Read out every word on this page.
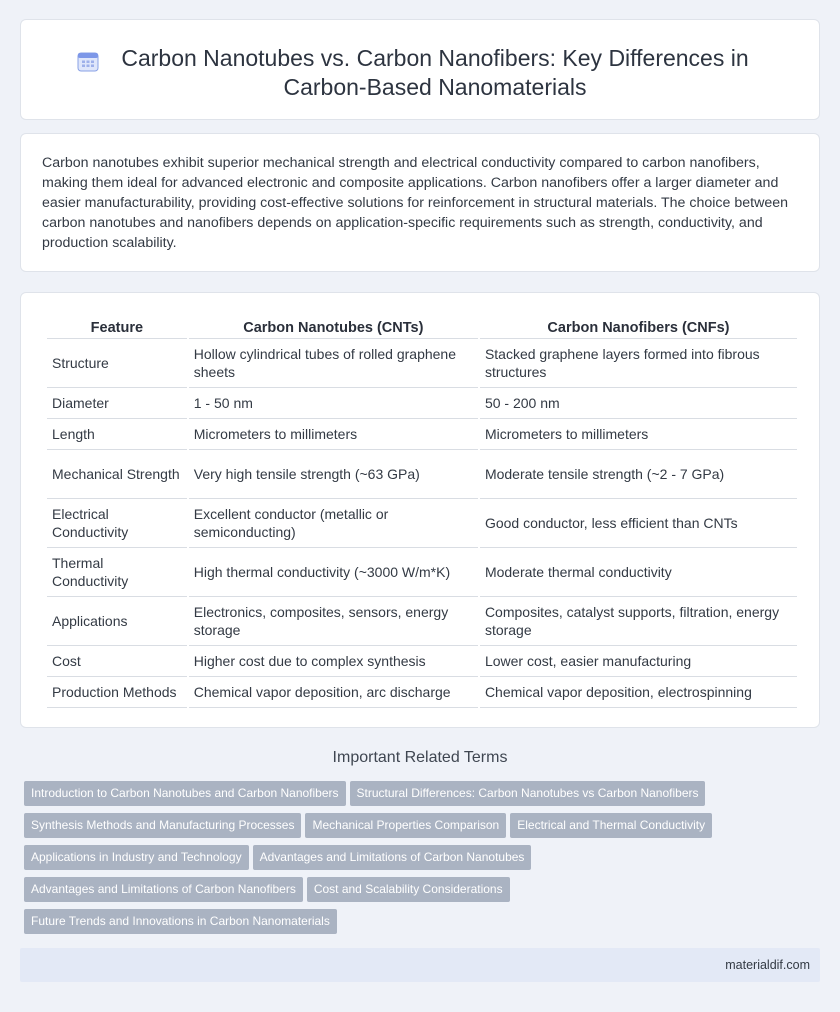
Carbon Nanotubes vs. Carbon Nanofibers: Key Differences in Carbon-Based Nanomaterials

Carbon nanotubes exhibit superior mechanical strength and electrical conductivity compared to carbon nanofibers, making them ideal for advanced electronic and composite applications. Carbon nanofibers offer a larger diameter and easier manufacturability, providing cost-effective solutions for reinforcement in structural materials. The choice between carbon nanotubes and nanofibers depends on application-specific requirements such as strength, conductivity, and production scalability.

Feature	Carbon Nanotubes (CNTs)	Carbon Nanofibers (CNFs)
Structure	Hollow cylindrical tubes of rolled graphene sheets	Stacked graphene layers formed into fibrous structures
Diameter	1 - 50 nm	50 - 200 nm
Length	Micrometers to millimeters	Micrometers to millimeters
Mechanical Strength	Very high tensile strength (~63 GPa)	Moderate tensile strength (~2 - 7 GPa)
Electrical Conductivity	Excellent conductor (metallic or semiconducting)	Good conductor, less efficient than CNTs
Thermal Conductivity	High thermal conductivity (~3000 W/m*K)	Moderate thermal conductivity
Applications	Electronics, composites, sensors, energy storage	Composites, catalyst supports, filtration, energy storage
Cost	Higher cost due to complex synthesis	Lower cost, easier manufacturing
Production Methods	Chemical vapor deposition, arc discharge	Chemical vapor deposition, electrospinning
Important Related Terms
Introduction to Carbon Nanotubes and Carbon Nanofibers Structural Differences: Carbon Nanotubes vs Carbon Nanofibers
Synthesis Methods and Manufacturing Processes Mechanical Properties Comparison Electrical and Thermal Conductivity
Applications in Industry and Technology Advantages and Limitations of Carbon Nanotubes
Advantages and Limitations of Carbon Nanofibers Cost and Scalability Considerations
Future Trends and Innovations in Carbon Nanomaterials
materialdif.com
